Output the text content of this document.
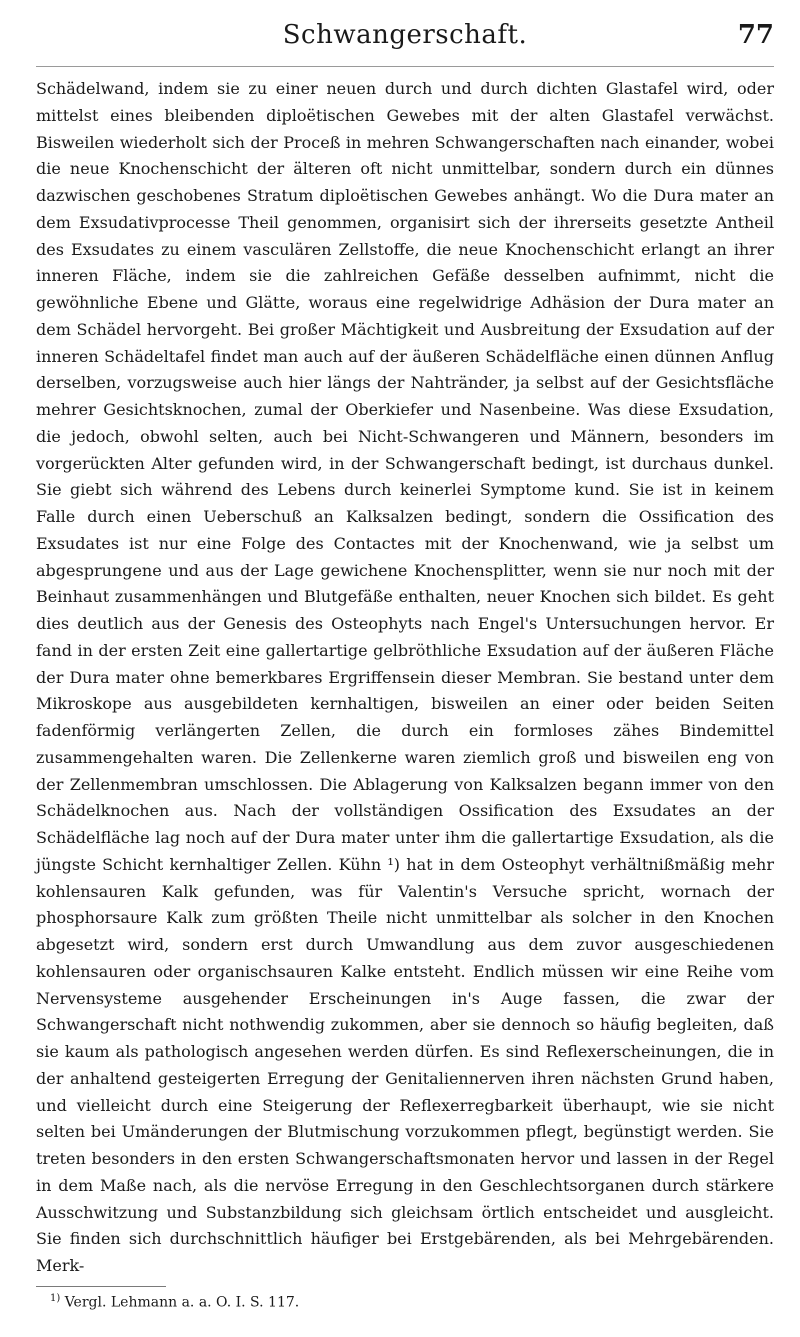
Schwangerschaft.	77

Schädelwand, indem sie zu einer neuen durch und durch dichten Glastafel wird, oder mittelst eines bleibenden diploëtischen Gewebes mit der alten Glastafel verwächst. Bisweilen wiederholt sich der Proceß in mehren Schwangerschaften nach einander, wobei die neue Knochenschicht der älteren oft nicht unmittelbar, sondern durch ein dünnes dazwischen geschobenes Stratum diploëtischen Gewebes anhängt. Wo die Dura mater an dem Exsudativprocesse Theil genommen, organisirt sich der ihrerseits gesetzte Antheil des Exsudates zu einem vasculären Zellstoffe, die neue Knochenschicht erlangt an ihrer inneren Fläche, indem sie die zahlreichen Gefäße desselben aufnimmt, nicht die gewöhnliche Ebene und Glätte, woraus eine regelwidrige Adhäsion der Dura mater an dem Schädel hervorgeht. Bei großer Mächtigkeit und Ausbreitung der Exsudation auf der inneren Schädeltafel findet man auch auf der äußeren Schädelfläche einen dünnen Anflug derselben, vorzugsweise auch hier längs der Nahtränder, ja selbst auf der Gesichtsfläche mehrer Gesichtsknochen, zumal der Oberkiefer und Nasenbeine. Was diese Exsudation, die jedoch, obwohl selten, auch bei Nicht-Schwangeren und Männern, besonders im vorgerückten Alter gefunden wird, in der Schwangerschaft bedingt, ist durchaus dunkel. Sie giebt sich während des Lebens durch keinerlei Symptome kund. Sie ist in keinem Falle durch einen Ueberschuß an Kalksalzen bedingt, sondern die Ossification des Exsudates ist nur eine Folge des Contactes mit der Knochenwand, wie ja selbst um abgesprungene und aus der Lage gewichene Knochensplitter, wenn sie nur noch mit der Beinhaut zusammenhängen und Blutgefäße enthalten, neuer Knochen sich bildet. Es geht dies deutlich aus der Genesis des Osteophyts nach Engel's Untersuchungen hervor. Er fand in der ersten Zeit eine gallertartige gelbröthliche Exsudation auf der äußeren Fläche der Dura mater ohne bemerkbares Ergriffensein dieser Membran. Sie bestand unter dem Mikroskope aus ausgebildeten kernhaltigen, bisweilen an einer oder beiden Seiten fadenförmig verlängerten Zellen, die durch ein formloses zähes Bindemittel zusammengehalten waren. Die Zellenkerne waren ziemlich groß und bisweilen eng von der Zellenmembran umschlossen. Die Ablagerung von Kalksalzen begann immer von den Schädelknochen aus. Nach der vollständigen Ossification des Exsudates an der Schädelfläche lag noch auf der Dura mater unter ihm die gallertartige Exsudation, als die jüngste Schicht kernhaltiger Zellen. Kühn ¹) hat in dem Osteophyt verhältnißmäßig mehr kohlensauren Kalk gefunden, was für Valentin's Versuche spricht, wornach der phosphorsaure Kalk zum größten Theile nicht unmittelbar als solcher in den Knochen abgesetzt wird, sondern erst durch Umwandlung aus dem zuvor ausgeschiedenen kohlensauren oder organischsauren Kalke entsteht. Endlich müssen wir eine Reihe vom Nervensysteme ausgehender Erscheinungen in's Auge fassen, die zwar der Schwangerschaft nicht nothwendig zukommen, aber sie dennoch so häufig begleiten, daß sie kaum als pathologisch angesehen werden dürfen. Es sind Reflexerscheinungen, die in der anhaltend gesteigerten Erregung der Genitaliennerven ihren nächsten Grund haben, und vielleicht durch eine Steigerung der Reflexerregbarkeit überhaupt, wie sie nicht selten bei Umänderungen der Blutmischung vorzukommen pflegt, begünstigt werden. Sie treten besonders in den ersten Schwangerschaftsmonaten hervor und lassen in der Regel in dem Maße nach, als die nervöse Erregung in den Geschlechtsorganen durch stärkere Ausschwitzung und Substanzbildung sich gleichsam örtlich entscheidet und ausgleicht. Sie finden sich durchschnittlich häufiger bei Erstgebärenden, als bei Mehrgebärenden. Merk-

$^{1)}$ Vergl. Lehmann a. a. O. I. S. 117.
